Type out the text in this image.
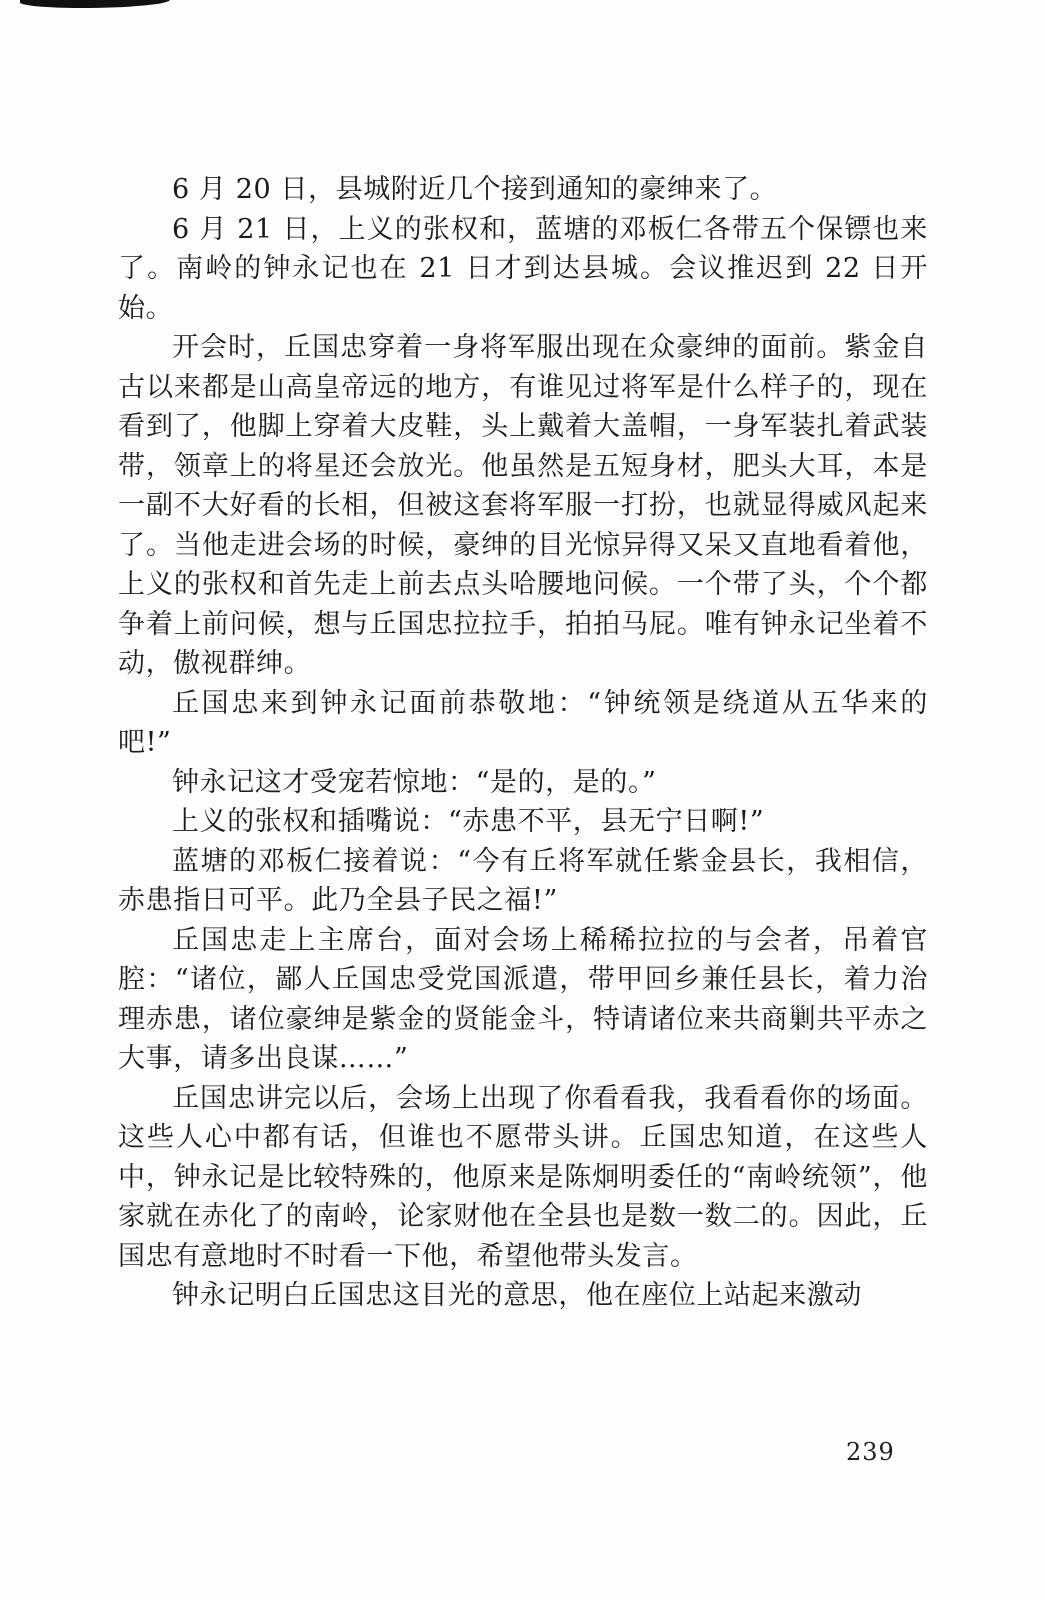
6 月 20 日，县城附近几个接到通知的豪绅来了。

6 月 21 日，上义的张权和，蓝塘的邓板仁各带五个保镖也来了。南岭的钟永记也在 21 日才到达县城。会议推迟到 22 日开始。

开会时，丘国忠穿着一身将军服出现在众豪绅的面前。紫金自古以来都是山高皇帝远的地方，有谁见过将军是什么样子的，现在看到了，他脚上穿着大皮鞋，头上戴着大盖帽，一身军装扎着武装带，领章上的将星还会放光。他虽然是五短身材，肥头大耳，本是一副不大好看的长相，但被这套将军服一打扮，也就显得威风起来了。当他走进会场的时候，豪绅的目光惊异得又呆又直地看着他，上义的张权和首先走上前去点头哈腰地问候。一个带了头，个个都争着上前问候，想与丘国忠拉拉手，拍拍马屁。唯有钟永记坐着不动，傲视群绅。

丘国忠来到钟永记面前恭敬地：“钟统领是绕道从五华来的吧!”

钟永记这才受宠若惊地：“是的，是的。”

上义的张权和插嘴说：“赤患不平，县无宁日啊!”

蓝塘的邓板仁接着说：“今有丘将军就任紫金县长，我相信，赤患指日可平。此乃全县子民之福!”

丘国忠走上主席台，面对会场上稀稀拉拉的与会者，吊着官腔：“诸位，鄙人丘国忠受党国派遣，带甲回乡兼任县长，着力治理赤患，诸位豪绅是紫金的贤能金斗，特请诸位来共商剿共平赤之大事，请多出良谋……”

丘国忠讲完以后，会场上出现了你看看我，我看看你的场面。这些人心中都有话，但谁也不愿带头讲。丘国忠知道，在这些人中，钟永记是比较特殊的，他原来是陈炯明委任的“南岭统领”，他家就在赤化了的南岭，论家财他在全县也是数一数二的。因此，丘国忠有意地时不时看一下他，希望他带头发言。

钟永记明白丘国忠这目光的意思，他在座位上站起来激动

239
